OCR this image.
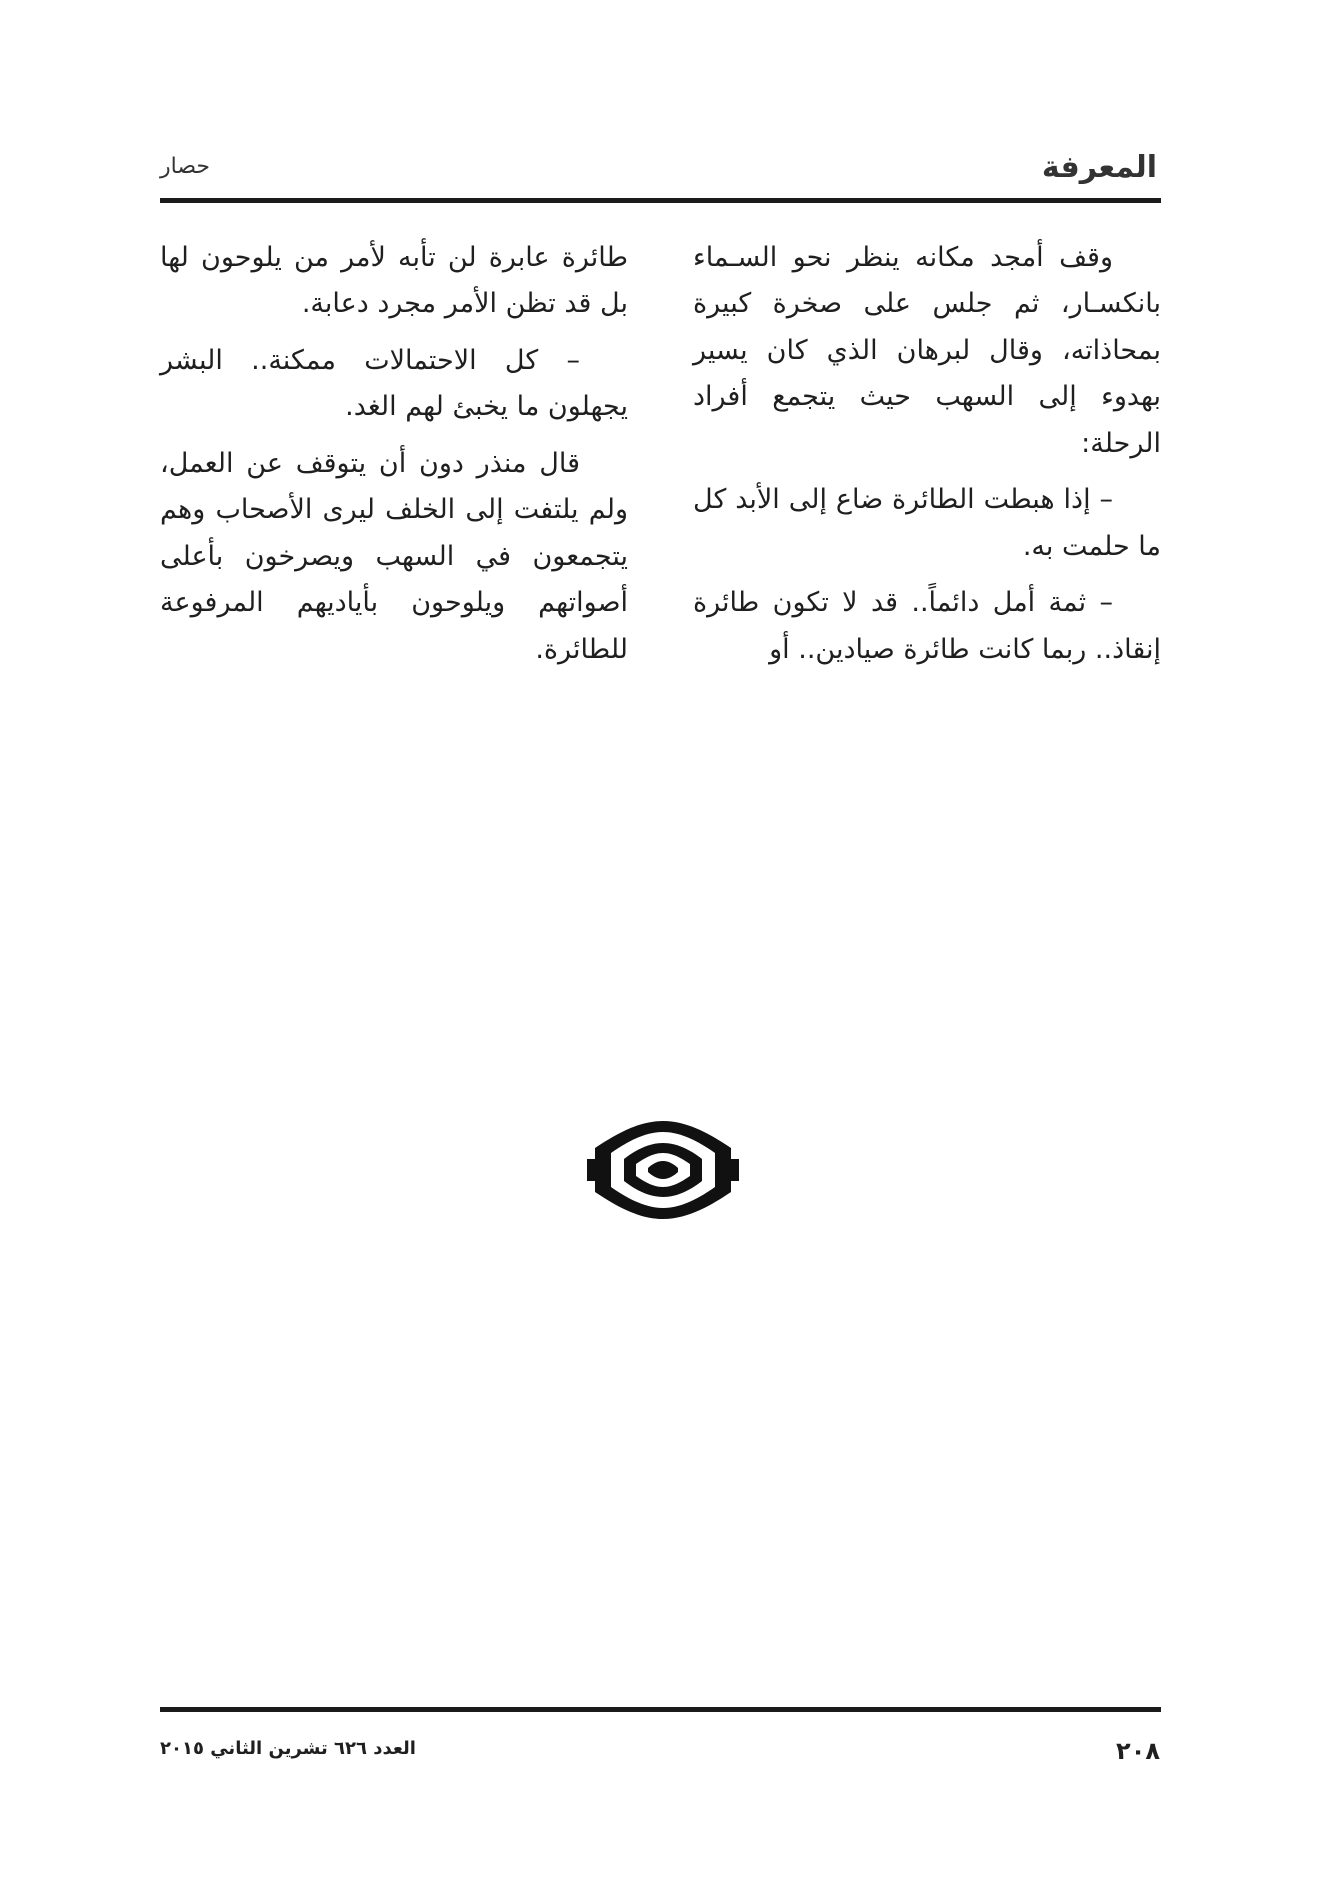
المعرفة
حصار

وقف أمجد مكانه ينظر نحو السـماء بانكسـار، ثم جلس على صخرة كبيرة بمحاذاته، وقال لبرهان الذي كان يسير بهدوء إلى السهب حيث يتجمع أفراد الرحلة:

– إذا هبطت الطائرة ضاع إلى الأبد كل ما حلمت به.

– ثمة أمل دائماً.. قد لا تكون طائرة إنقاذ.. ربما كانت طائرة صيادين.. أو

طائرة عابرة لن تأبه لأمر من يلوحون لها بل قد تظن الأمر مجرد دعابة.

– كل الاحتمالات ممكنة.. البشر يجهلون ما يخبئ لهم الغد.

قال منذر دون أن يتوقف عن العمل، ولم يلتفت إلى الخلف ليرى الأصحاب وهم يتجمعون في السهب ويصرخون بأعلى أصواتهم ويلوحون بأياديهم المرفوعة للطائرة.

٢٠٨
العدد ٦٢٦ تشرين الثاني ٢٠١٥
